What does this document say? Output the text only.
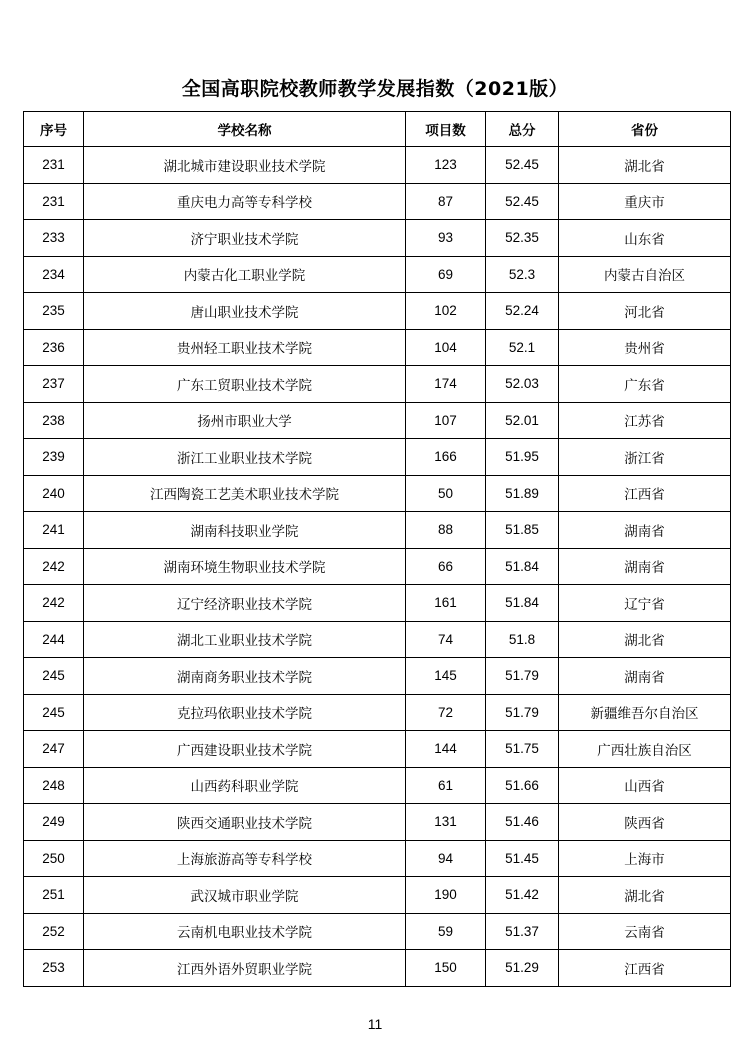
全国高职院校教师教学发展指数（2021版）
序号	学校名称	项目数	总分	省份
231	湖北城市建设职业技术学院	123	52.45	湖北省
231	重庆电力高等专科学校	87	52.45	重庆市
233	济宁职业技术学院	93	52.35	山东省
234	内蒙古化工职业学院	69	52.3	内蒙古自治区
235	唐山职业技术学院	102	52.24	河北省
236	贵州轻工职业技术学院	104	52.1	贵州省
237	广东工贸职业技术学院	174	52.03	广东省
238	扬州市职业大学	107	52.01	江苏省
239	浙江工业职业技术学院	166	51.95	浙江省
240	江西陶瓷工艺美术职业技术学院	50	51.89	江西省
241	湖南科技职业学院	88	51.85	湖南省
242	湖南环境生物职业技术学院	66	51.84	湖南省
242	辽宁经济职业技术学院	161	51.84	辽宁省
244	湖北工业职业技术学院	74	51.8	湖北省
245	湖南商务职业技术学院	145	51.79	湖南省
245	克拉玛依职业技术学院	72	51.79	新疆维吾尔自治区
247	广西建设职业技术学院	144	51.75	广西壮族自治区
248	山西药科职业学院	61	51.66	山西省
249	陕西交通职业技术学院	131	51.46	陕西省
250	上海旅游高等专科学校	94	51.45	上海市
251	武汉城市职业学院	190	51.42	湖北省
252	云南机电职业技术学院	59	51.37	云南省
253	江西外语外贸职业学院	150	51.29	江西省
11
